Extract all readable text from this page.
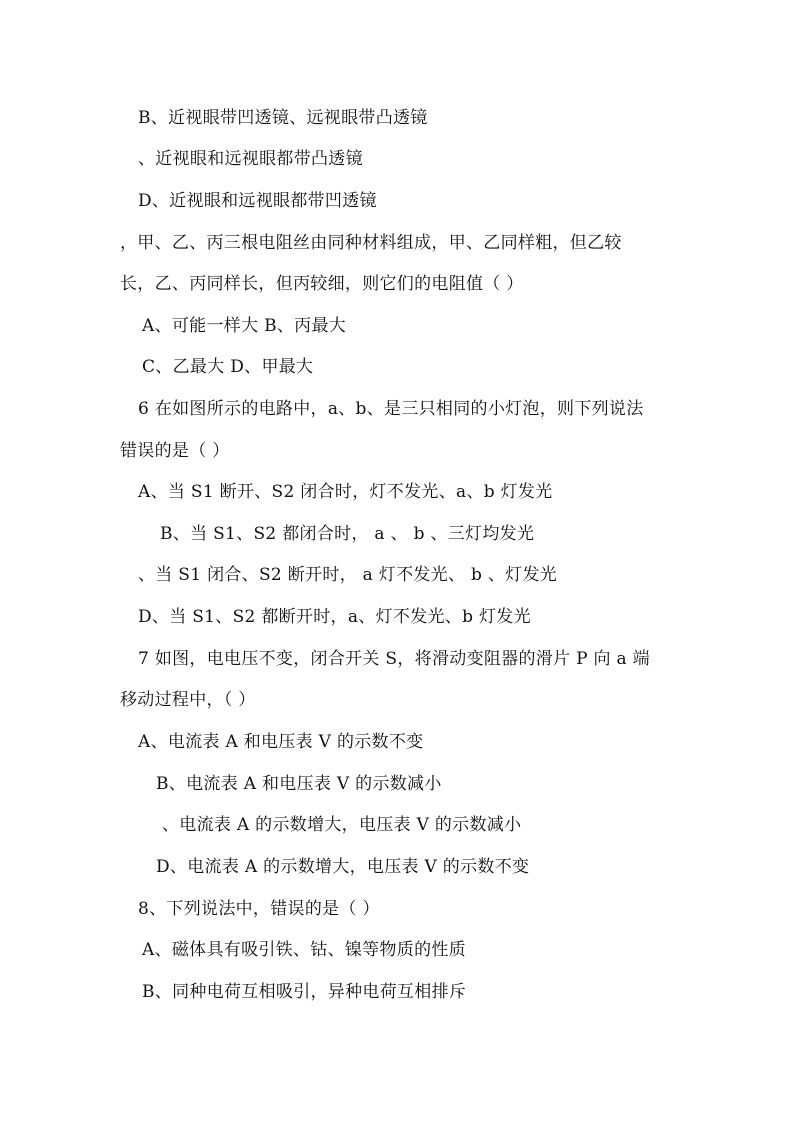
B、近视眼带凹透镜、远视眼带凸透镜
、近视眼和远视眼都带凸透镜
D、近视眼和远视眼都带凹透镜
，甲、乙、丙三根电阻丝由同种材料组成，甲、乙同样粗，但乙较
长，乙、丙同样长，但丙较细，则它们的电阻值（ ）
A、可能一样大 B、丙最大
C、乙最大 D、甲最大
6 在如图所示的电路中，a、b、是三只相同的小灯泡，则下列说法
错误的是（ ）
A、当 S1 断开、S2 闭合时，灯不发光、a、b 灯发光
B、当 S1、S2 都闭合时， a 、 b 、三灯均发光
、当 S1 闭合、S2 断开时， a 灯不发光、 b 、灯发光
D、当 S1、S2 都断开时，a、灯不发光、b 灯发光
7 如图，电电压不变，闭合开关 S，将滑动变阻器的滑片 P 向 a 端
移动过程中，（ ）
A、电流表 A 和电压表 V 的示数不变
B、电流表 A 和电压表 V 的示数减小
、电流表 A 的示数增大，电压表 V 的示数减小
D、电流表 A 的示数增大，电压表 V 的示数不变
8、下列说法中，错误的是（ ）
A、磁体具有吸引铁、钴、镍等物质的性质
B、同种电荷互相吸引，异种电荷互相排斥
